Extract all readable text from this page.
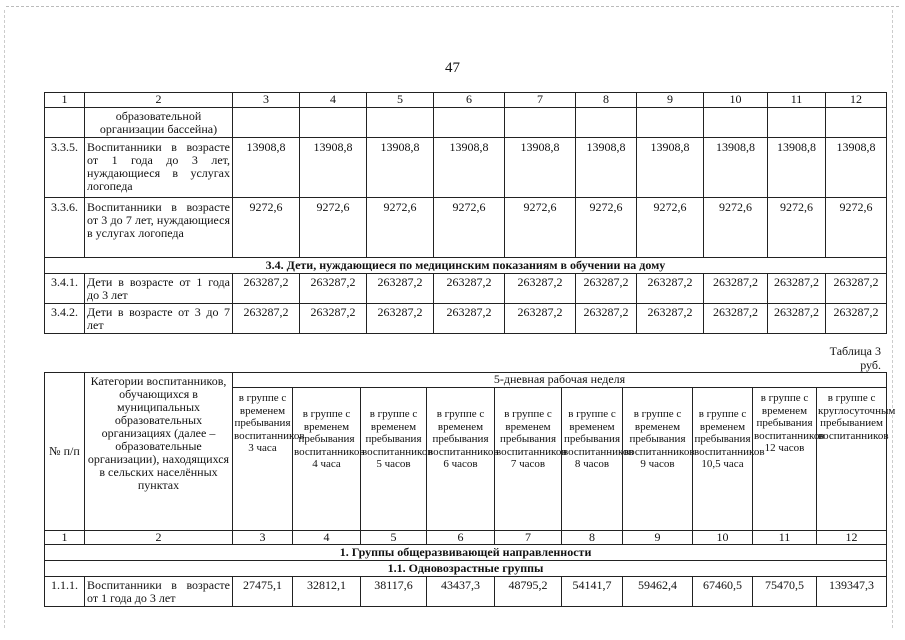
47
1	2	3	4	5	6	7	8	9	10	11	12
	образовательной организации бассейна)										
3.3.5.	Воспитанники в возрасте от 1 года до 3 лет, нуждающиеся в услугах логопеда	13908,8	13908,8	13908,8	13908,8	13908,8	13908,8	13908,8	13908,8	13908,8	13908,8
3.3.6.	Воспитанники в возрасте от 3 до 7 лет, нуждающиеся в услугах логопеда	9272,6	9272,6	9272,6	9272,6	9272,6	9272,6	9272,6	9272,6	9272,6	9272,6
3.4. Дети, нуждающиеся по медицинским показаниям в обучении на дому											
3.4.1.	Дети в возрасте от 1 года до 3 лет	263287,2	263287,2	263287,2	263287,2	263287,2	263287,2	263287,2	263287,2	263287,2	263287,2
3.4.2.	Дети в возрасте от 3 до 7 лет	263287,2	263287,2	263287,2	263287,2	263287,2	263287,2	263287,2	263287,2	263287,2	263287,2
Таблица 3
руб.
№ п/п	Категории воспитанников, обучающихся в муниципальных образовательных организациях (далее – образовательные организации), находящихся в сельских населённых пунктах	5-дневная рабочая неделя									
		в группе с временем пребывания воспитанников 3 часа	в группе с временем пребывания воспитанников 4 часа	в группе с временем пребывания воспитанников 5 часов	в группе с временем пребывания воспитанников 6 часов	в группе с временем пребывания воспитанников 7 часов	в группе с временем пребывания воспитанников 8 часов	в группе с временем пребывания воспитанников 9 часов	в группе с временем пребывания воспитанников 10,5 часа	в группе с временем пребывания воспитанников 12 часов	в группе с круглосуточным пребыванием воспитанников
1	2	3	4	5	6	7	8	9	10	11	12
1. Группы общеразвивающей направленности											
1.1. Одновозрастные группы											
1.1.1.	Воспитанники в возрасте от 1 года до 3 лет	27475,1	32812,1	38117,6	43437,3	48795,2	54141,7	59462,4	67460,5	75470,5	139347,3
